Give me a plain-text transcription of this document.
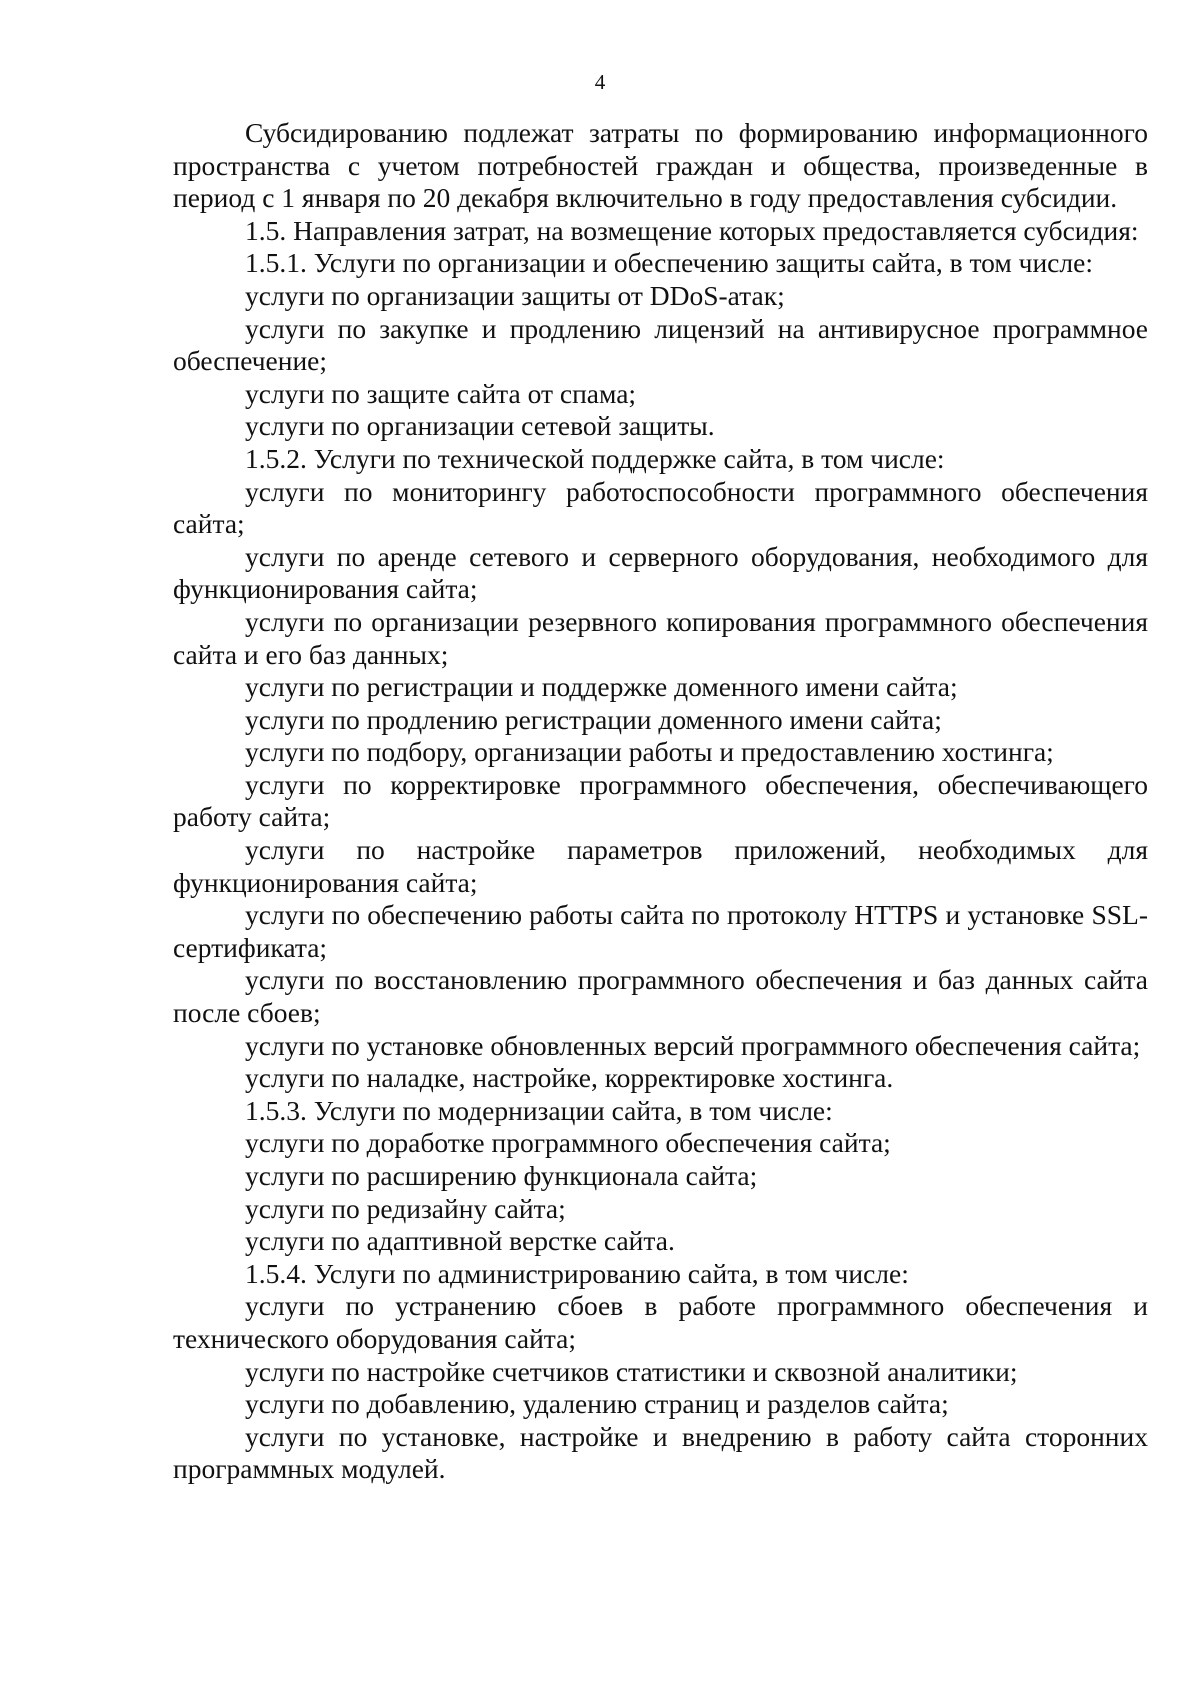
4

Субсидированию подлежат затраты по формированию информационного пространства с учетом потребностей граждан и общества, произведенные в период с 1 января по 20 декабря включительно в году предоставления субсидии.

1.5. Направления затрат, на возмещение которых предоставляется субсидия:

1.5.1. Услуги по организации и обеспечению защиты сайта, в том числе:

услуги по организации защиты от DDoS-атак;

услуги по закупке и продлению лицензий на антивирусное программное обеспечение;

услуги по защите сайта от спама;

услуги по организации сетевой защиты.

1.5.2. Услуги по технической поддержке сайта, в том числе:

услуги по мониторингу работоспособности программного обеспечения сайта;

услуги по аренде сетевого и серверного оборудования, необходимого для функционирования сайта;

услуги по организации резервного копирования программного обеспечения сайта и его баз данных;

услуги по регистрации и поддержке доменного имени сайта;

услуги по продлению регистрации доменного имени сайта;

услуги по подбору, организации работы и предоставлению хостинга;

услуги по корректировке программного обеспечения, обеспечивающего работу сайта;

услуги по настройке параметров приложений, необходимых для функционирования сайта;

услуги по обеспечению работы сайта по протоколу HTTPS и установке SSL-сертификата;

услуги по восстановлению программного обеспечения и баз данных сайта после сбоев;

услуги по установке обновленных версий программного обеспечения сайта;

услуги по наладке, настройке, корректировке хостинга.

1.5.3. Услуги по модернизации сайта, в том числе:

услуги по доработке программного обеспечения сайта;

услуги по расширению функционала сайта;

услуги по редизайну сайта;

услуги по адаптивной верстке сайта.

1.5.4. Услуги по администрированию сайта, в том числе:

услуги по устранению сбоев в работе программного обеспечения и технического оборудования сайта;

услуги по настройке счетчиков статистики и сквозной аналитики;

услуги по добавлению, удалению страниц и разделов сайта;

услуги по установке, настройке и внедрению в работу сайта сторонних программных модулей.
